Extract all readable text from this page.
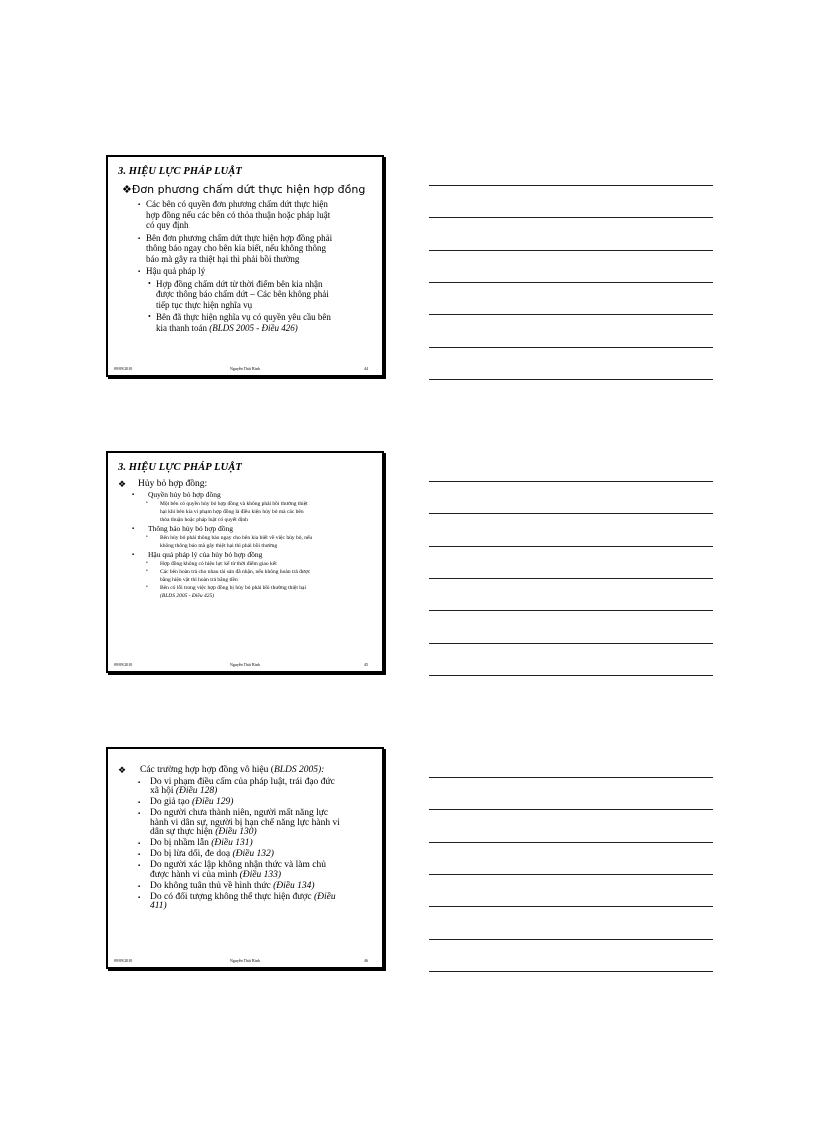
3. HIỆU LỰC PHÁP LUẬT
❖Đơn phương chấm dứt thực hiện hợp đồng
▪ Các bên có quyền đơn phương chấm dứt thực hiện
hợp đồng nếu các bên có thỏa thuận hoặc pháp luật
có quy định
▪ Bên đơn phương chấm dứt thực hiện hợp đồng phải
thông báo ngay cho bên kia biết, nếu không thông
báo mà gây ra thiệt hại thì phải bồi thường
▪ Hậu quả pháp lý
• Hợp đồng chấm dứt từ thời điểm bên kia nhận
được thông báo chấm dứt – Các bên không phải
tiếp tục thực hiện nghĩa vụ
• Bên đã thực hiện nghĩa vụ có quyền yêu cầu bên
kia thanh toán (BLDS 2005 - Điều 426)
09/09/2010	Nguyễn Thái Bình	44
3. HIỆU LỰC PHÁP LUẬT
❖ Hủy bỏ hợp đồng:
▪ Quyền hủy bỏ hợp đồng
• Một bên có quyền hủy bỏ hợp đồng và không phải bồi thường thiệt
hại khi bên kia vi phạm hợp đồng là điều kiện hủy bỏ mà các bên
thỏa thuận hoặc pháp luật có quyết định
▪ Thông báo hủy bỏ hợp đồng
• Bên hủy bỏ phải thông báo ngay cho bên kia biết về việc hủy bỏ, nếu
không thông báo mà gây thiệt hại thì phải bồi thường
▪ Hậu quả pháp lý của hủy bỏ hợp đồng
• Hợp đồng không có hiệu lực kể từ thời điểm giao kết
• Các bên hoàn trả cho nhau tài sản đã nhận, nếu không hoàn trả được
bằng hiện vật thì hoàn trả bằng tiền
• Bên có lỗi trong việc hợp đồng bị hủy bỏ phải bồi thường thiệt hại
(BLDS 2005 - Điều 425)
09/09/2010	Nguyễn Thái Bình	45
❖ Các trường hợp hợp đồng vô hiệu (BLDS 2005):
▪ Do vi phạm điều cấm của pháp luật, trái đạo đức
xã hội (Điều 128)
▪ Do giả tạo (Điều 129)
▪ Do người chưa thành niên, người mất năng lực
hành vi dân sự, người bị hạn chế năng lực hành vi
dân sự thực hiện (Điều 130)
▪ Do bị nhầm lẫn (Điều 131)
▪ Do bị lừa dối, đe doạ (Điều 132)
▪ Do người xác lập không nhận thức và làm chủ
được hành vi của mình (Điều 133)
▪ Do không tuân thủ về hình thức (Điều 134)
▪ Do có đối tượng không thể thực hiện được (Điều
411)
09/09/2010	Nguyễn Thái Bình	46
